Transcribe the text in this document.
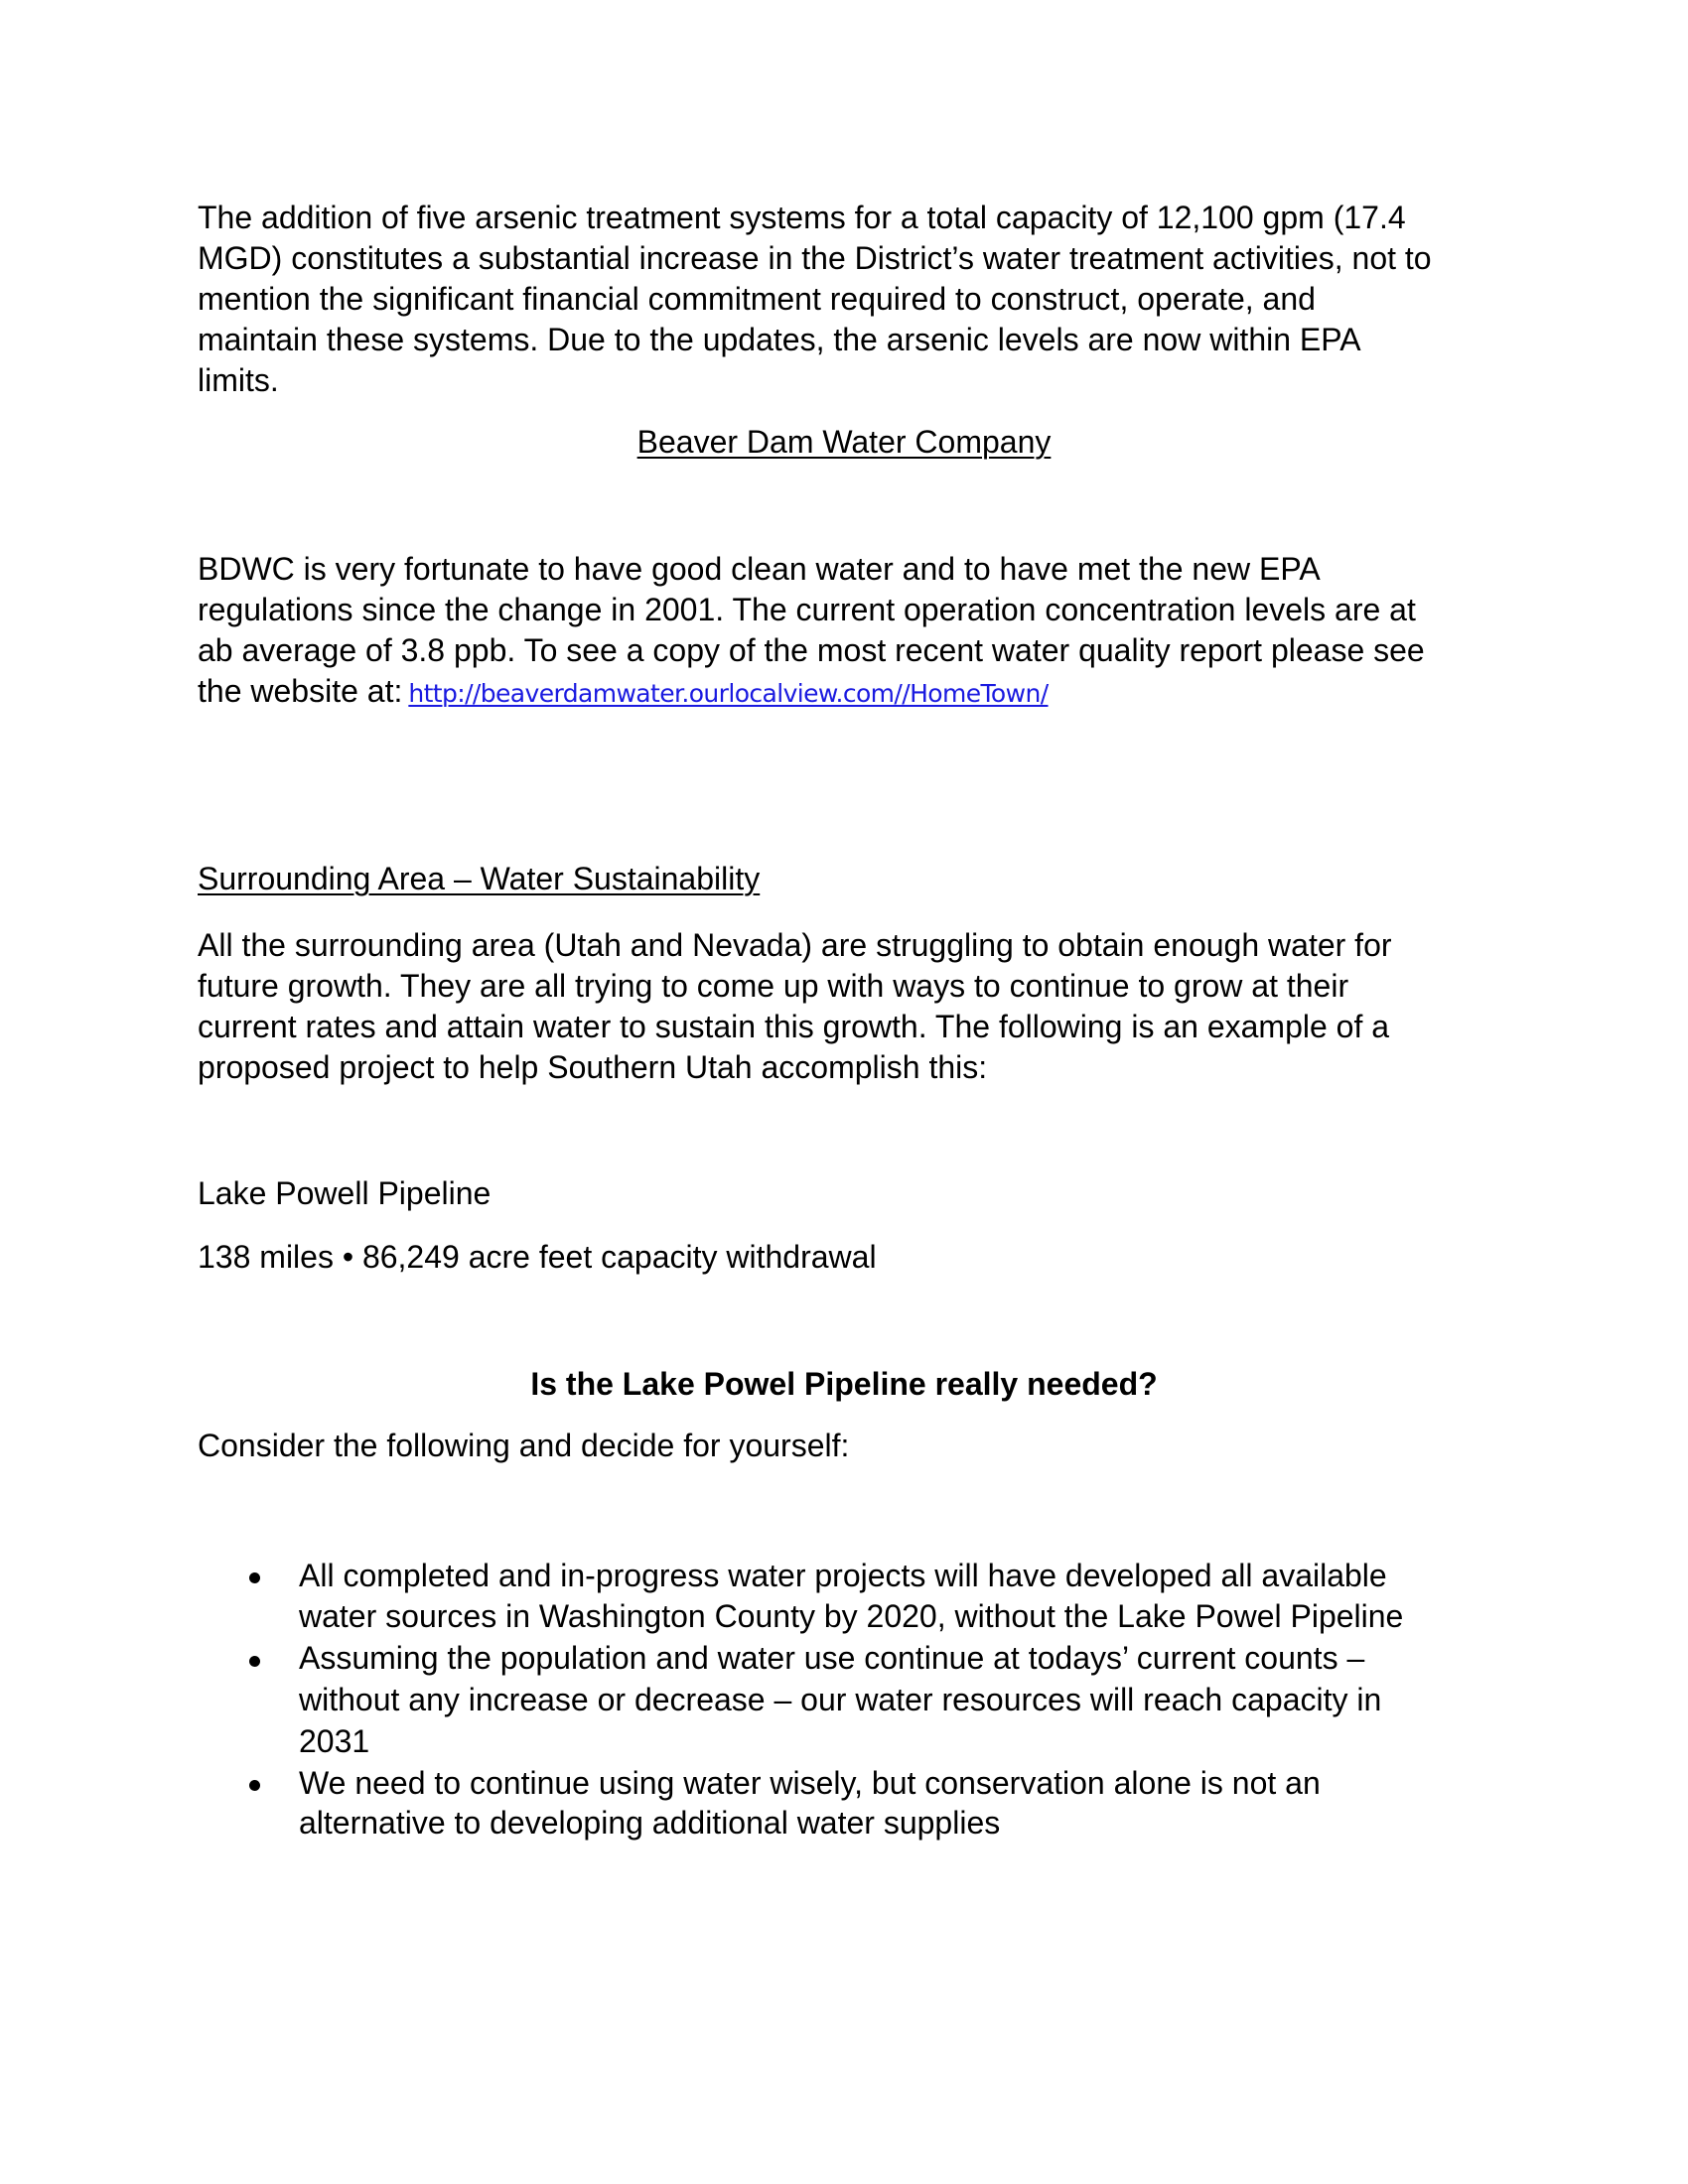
The addition of five arsenic treatment systems for a total capacity of 12,100 gpm (17.4
MGD) constitutes a substantial increase in the District’s water treatment activities, not to
mention the significant financial commitment required to construct, operate, and
maintain these systems. Due to the updates, the arsenic levels are now within EPA
limits.
Beaver Dam Water Company
BDWC is very fortunate to have good clean water and to have met the new EPA
regulations since the change in 2001. The current operation concentration levels are at
ab average of 3.8 ppb. To see a copy of the most recent water quality report please see
the website at: http://beaverdamwater.ourlocalview.com//HomeTown/
Surrounding Area – Water Sustainability
All the surrounding area (Utah and Nevada) are struggling to obtain enough water for
future growth. They are all trying to come up with ways to continue to grow at their
current rates and attain water to sustain this growth. The following is an example of a
proposed project to help Southern Utah accomplish this:
Lake Powell Pipeline
138 miles • 86,249 acre feet capacity withdrawal
Is the Lake Powel Pipeline really needed?
Consider the following and decide for yourself:
All completed and in-progress water projects will have developed all available
water sources in Washington County by 2020, without the Lake Powel Pipeline
Assuming the population and water use continue at todays’ current counts –
without any increase or decrease – our water resources will reach capacity in
2031
We need to continue using water wisely, but conservation alone is not an
alternative to developing additional water supplies
